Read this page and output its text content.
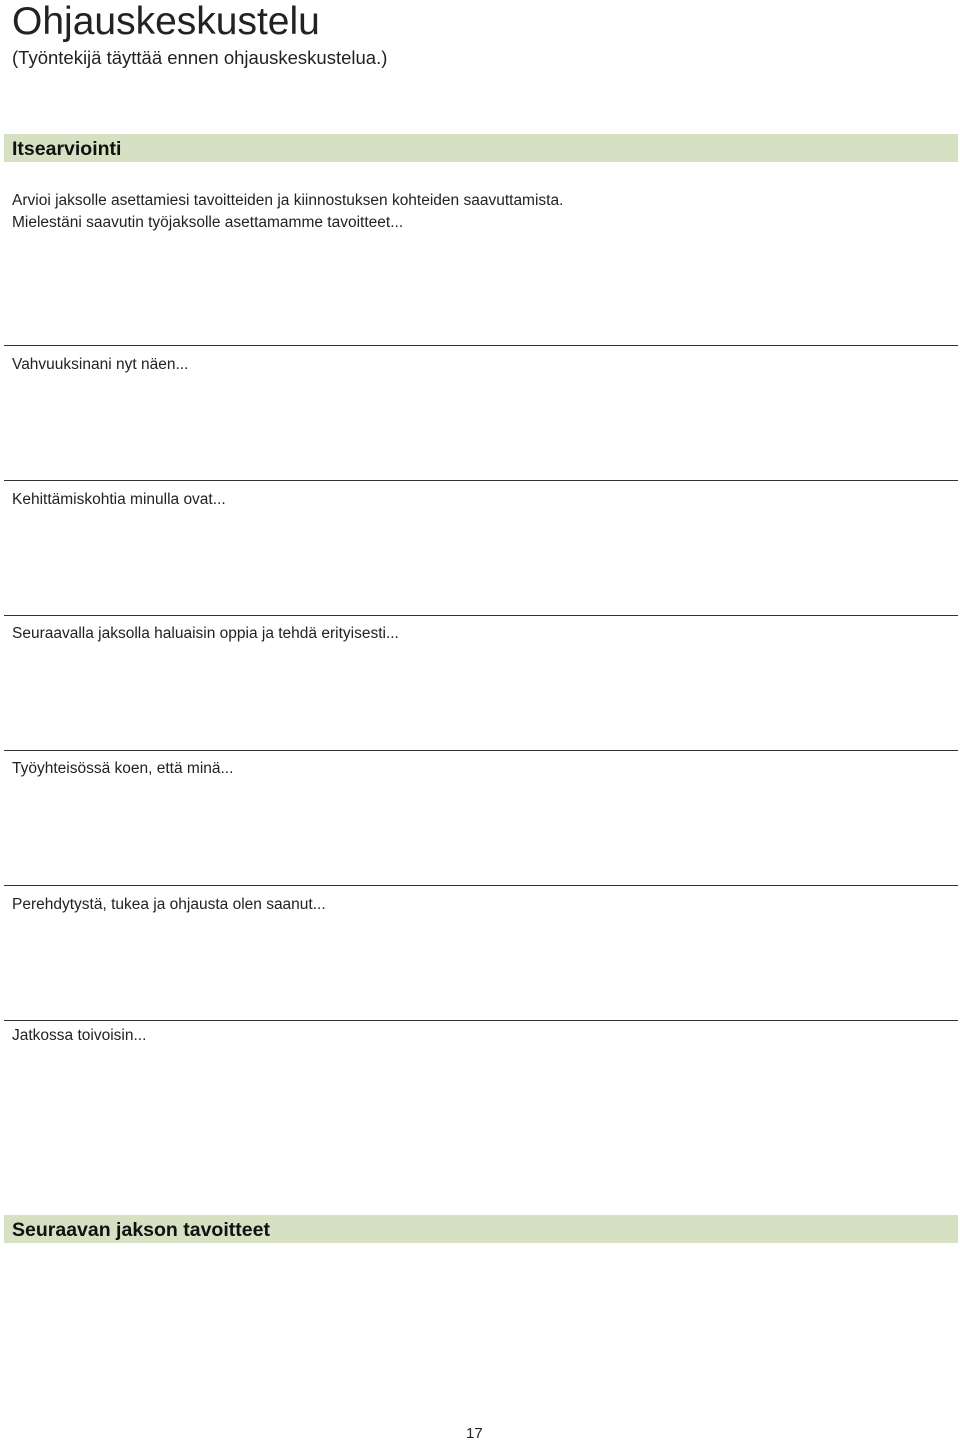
Ohjauskeskustelu
(Työntekijä täyttää ennen ohjauskeskustelua.)
Itsearviointi
Arvioi jaksolle asettamiesi tavoitteiden ja kiinnostuksen kohteiden saavuttamista.
Mielestäni saavutin työjaksolle asettamamme tavoitteet...
Vahvuuksinani nyt näen...
Kehittämiskohtia minulla ovat...
Seuraavalla jaksolla haluaisin oppia ja tehdä erityisesti...
Työyhteisössä koen, että minä...
Perehdytystä, tukea ja ohjausta olen saanut...
Jatkossa toivoisin...
Seuraavan jakson tavoitteet
17
